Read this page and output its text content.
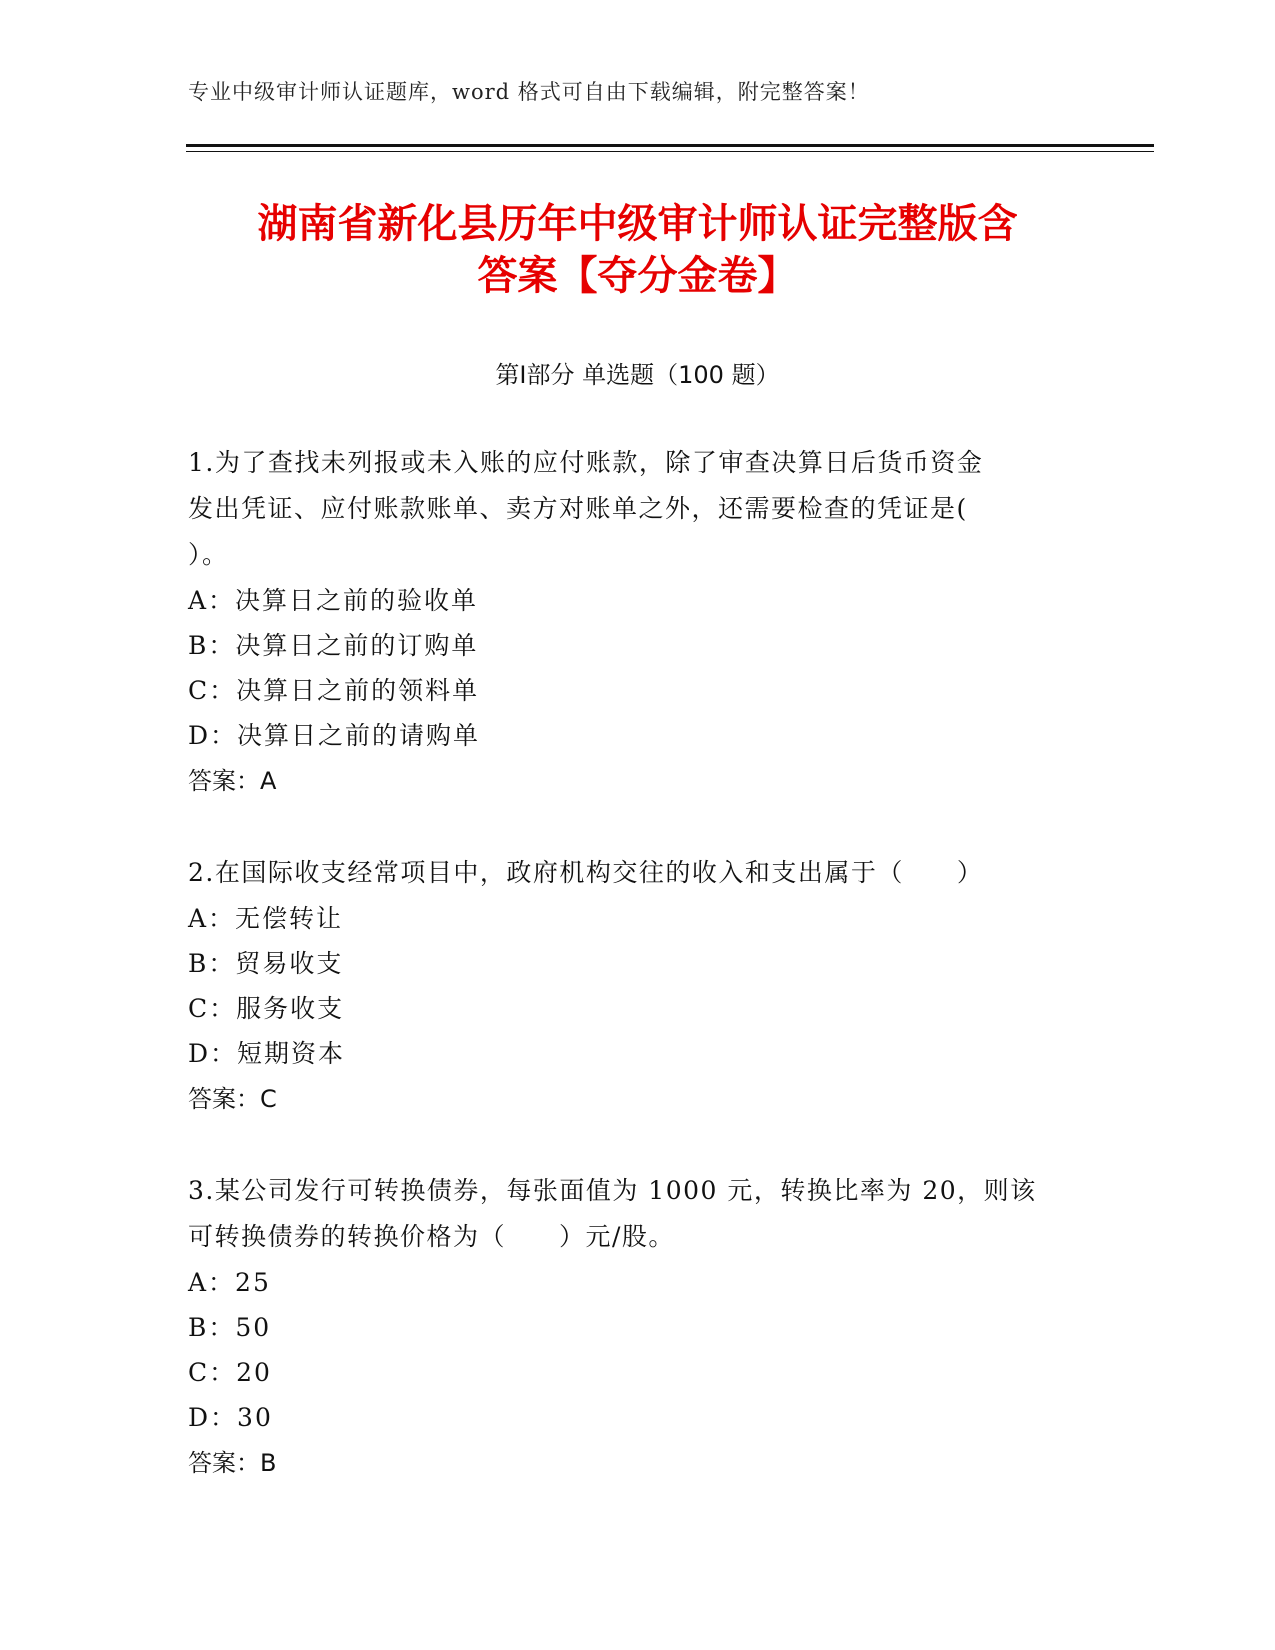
专业中级审计师认证题库，word 格式可自由下载编辑，附完整答案！
湖南省新化县历年中级审计师认证完整版含
答案【夺分金卷】
第Ⅰ部分 单选题（100 题）
1.为了查找未列报或未入账的应付账款，除了审查决算日后货币资金
发出凭证、应付账款账单、卖方对账单之外，还需要检查的凭证是(
）。
A：决算日之前的验收单
B：决算日之前的订购单
C：决算日之前的领料单
D：决算日之前的请购单
答案：A
2.在国际收支经常项目中，政府机构交往的收入和支出属于（　　）
A：无偿转让
B：贸易收支
C：服务收支
D：短期资本
答案：C
3.某公司发行可转换债券，每张面值为 1000 元，转换比率为 20，则该
可转换债券的转换价格为（　　）元/股。
A：25
B：50
C：20
D：30
答案：B
